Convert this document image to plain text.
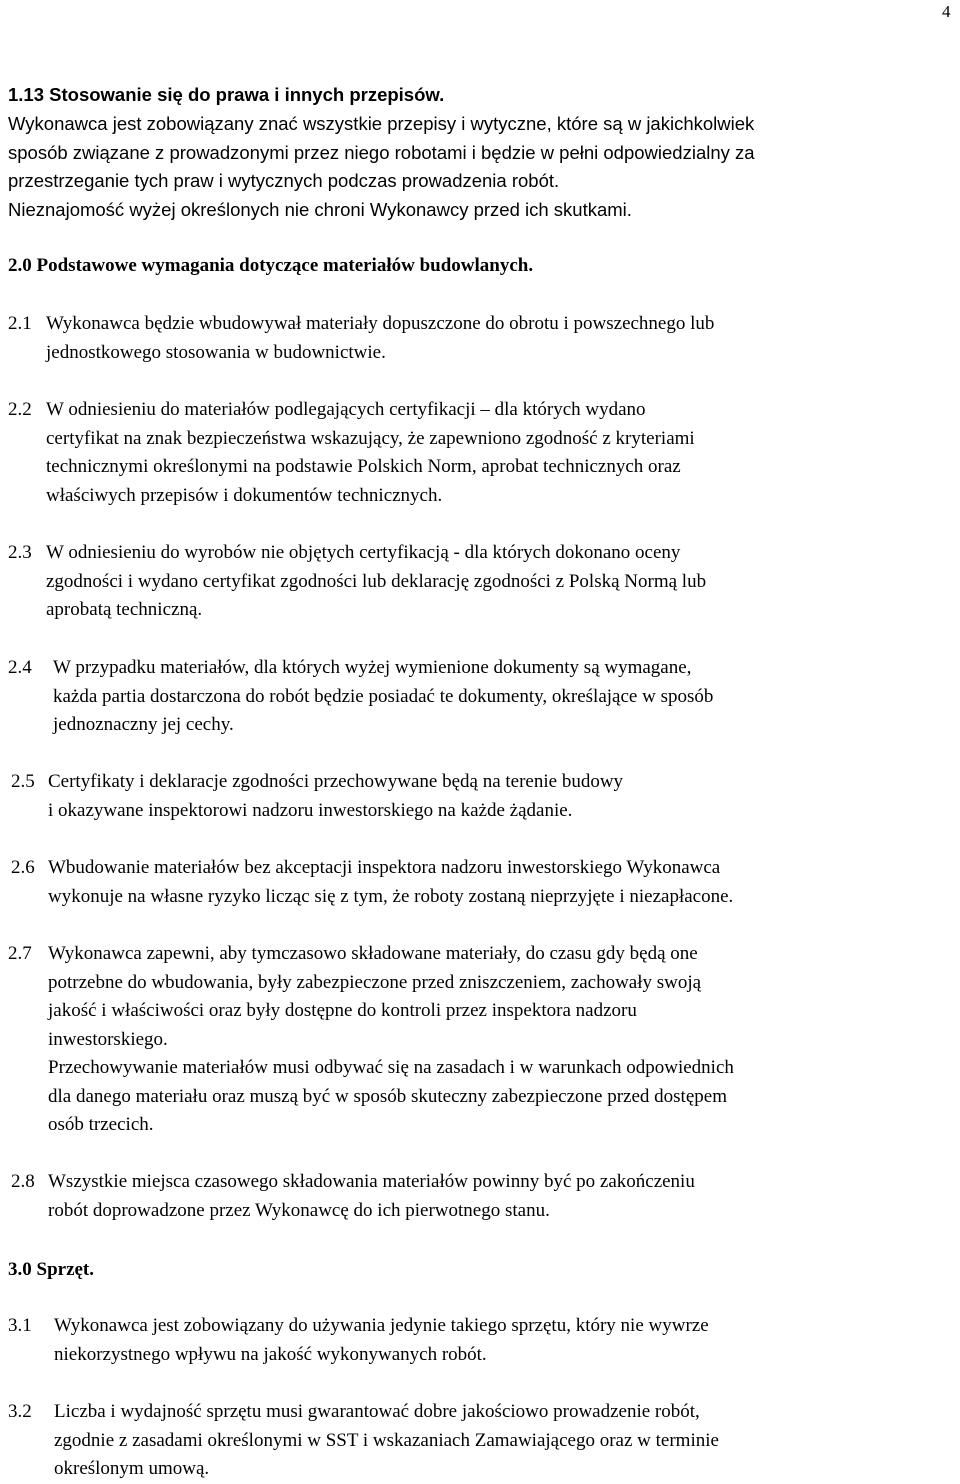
4
1.13 Stosowanie się do prawa i innych przepisów.
Wykonawca jest zobowiązany znać wszystkie przepisy i wytyczne, które są w jakichkolwiek
sposób związane z prowadzonymi przez niego robotami i będzie w pełni odpowiedzialny za
przestrzeganie tych praw i wytycznych podczas prowadzenia robót.
Nieznajomość wyżej określonych nie chroni Wykonawcy przed ich skutkami.
2.0 Podstawowe wymagania dotyczące materiałów budowlanych.
2.1 Wykonawca będzie wbudowywał materiały dopuszczone do obrotu i powszechnego lub
jednostkowego stosowania w budownictwie.
2.2 W odniesieniu do materiałów podlegających certyfikacji – dla których wydano
certyfikat na znak bezpieczeństwa wskazujący, że zapewniono zgodność z kryteriami
technicznymi określonymi na podstawie Polskich Norm, aprobat technicznych oraz
właściwych przepisów i dokumentów technicznych.
2.3 W odniesieniu do wyrobów nie objętych certyfikacją - dla których dokonano oceny
zgodności i wydano certyfikat zgodności lub deklarację zgodności z Polską Normą lub
aprobatą techniczną.
2.4	W przypadku materiałów, dla których wyżej wymienione dokumenty są wymagane,
każda partia dostarczona do robót będzie posiadać te dokumenty, określające w sposób
jednoznaczny jej cechy.
2.5 Certyfikaty i deklaracje zgodności przechowywane będą na terenie budowy
i okazywane inspektorowi nadzoru inwestorskiego na każde żądanie.
2.6 Wbudowanie materiałów bez akceptacji inspektora nadzoru inwestorskiego Wykonawca
wykonuje na własne ryzyko licząc się z tym, że roboty zostaną nieprzyjęte i niezapłacone.
2.7 Wykonawca zapewni, aby tymczasowo składowane materiały, do czasu gdy będą one
potrzebne do wbudowania, były zabezpieczone przed zniszczeniem, zachowały swoją
jakość i właściwości oraz były dostępne do kontroli przez inspektora nadzoru
inwestorskiego.
Przechowywanie materiałów musi odbywać się na zasadach i w warunkach odpowiednich
dla danego materiału oraz muszą być w sposób skuteczny zabezpieczone przed dostępem
osób trzecich.
2.8 Wszystkie miejsca czasowego składowania materiałów powinny być po zakończeniu
robót doprowadzone przez Wykonawcę do ich pierwotnego stanu.
3.0 Sprzęt.
3.1	Wykonawca jest zobowiązany do używania jedynie takiego sprzętu, który nie wywrze
niekorzystnego wpływu na jakość wykonywanych robót.
3.2	Liczba i wydajność sprzętu musi gwarantować dobre jakościowo prowadzenie robót,
zgodnie z zasadami określonymi w SST i wskazaniach Zamawiającego oraz w terminie
określonym umową.
